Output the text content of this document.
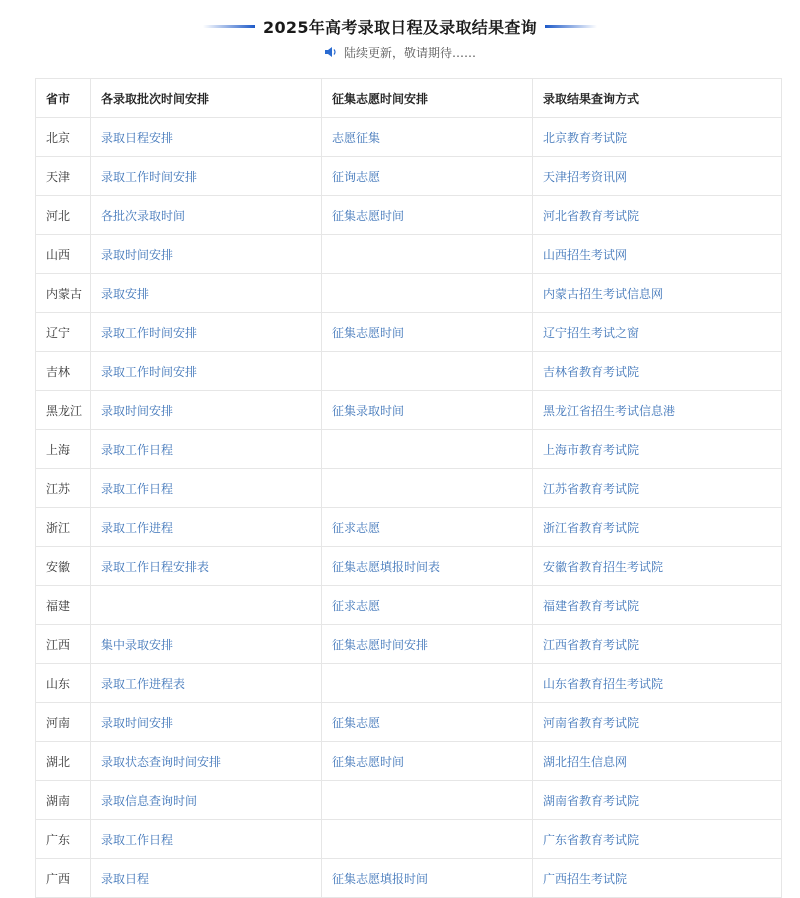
2025年高考录取日程及录取结果查询
陆续更新，敬请期待……
省市	各录取批次时间安排	征集志愿时间安排	录取结果查询方式
北京	录取日程安排	志愿征集	北京教育考试院
天津	录取工作时间安排	征询志愿	天津招考资讯网
河北	各批次录取时间	征集志愿时间	河北省教育考试院
山西	录取时间安排		山西招生考试网
内蒙古	录取安排		内蒙古招生考试信息网
辽宁	录取工作时间安排	征集志愿时间	辽宁招生考试之窗
吉林	录取工作时间安排		吉林省教育考试院
黑龙江	录取时间安排	征集录取时间	黑龙江省招生考试信息港
上海	录取工作日程		上海市教育考试院
江苏	录取工作日程		江苏省教育考试院
浙江	录取工作进程	征求志愿	浙江省教育考试院
安徽	录取工作日程安排表	征集志愿填报时间表	安徽省教育招生考试院
福建		征求志愿	福建省教育考试院
江西	集中录取安排	征集志愿时间安排	江西省教育考试院
山东	录取工作进程表		山东省教育招生考试院
河南	录取时间安排	征集志愿	河南省教育考试院
湖北	录取状态查询时间安排	征集志愿时间	湖北招生信息网
湖南	录取信息查询时间		湖南省教育考试院
广东	录取工作日程		广东省教育考试院
广西	录取日程	征集志愿填报时间	广西招生考试院
